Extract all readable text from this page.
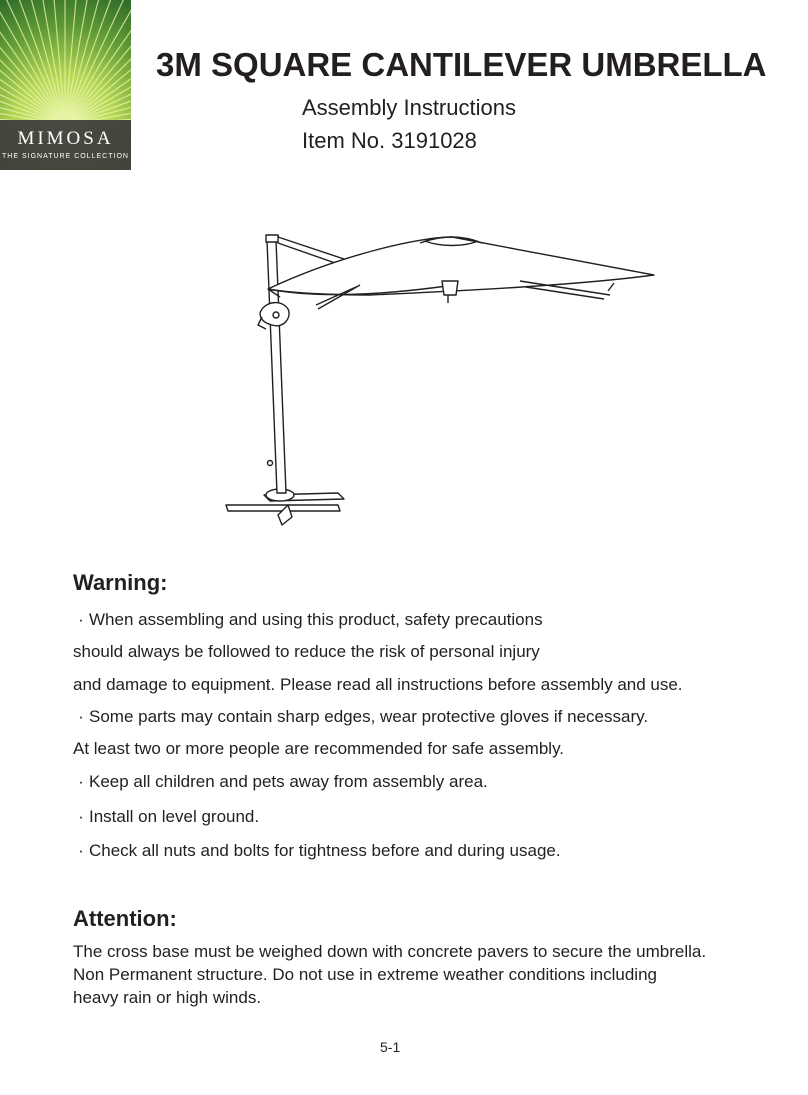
MIMOSA
THE SIGNATURE COLLECTION
3M SQUARE CANTILEVER UMBRELLA

Assembly Instructions

Item No. 3191028

Warning:

· When assembling and using this product, safety precautions

should always be followed to reduce the risk of personal injury

and damage to equipment. Please read all instructions before assembly and use.

· Some parts may contain sharp edges, wear protective gloves if necessary.

At least two or more people are recommended for safe assembly.

· Keep all children and pets away from assembly area.

· Install on level ground.

· Check all nuts and bolts for tightness before and during usage.

Attention:

The cross base must be weighed down with concrete pavers to secure the umbrella.

Non Permanent structure. Do not use in extreme weather conditions including

heavy rain or high winds.

5-1
